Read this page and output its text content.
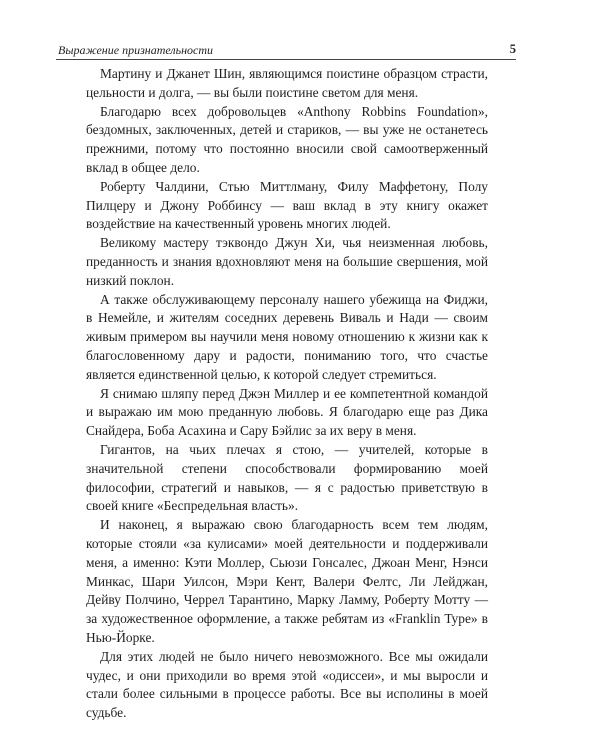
Выражение признательности	5

Мартину и Джанет Шин, являющимся поистине образцом страсти, цельности и долга, — вы были поистине светом для меня.

Благодарю всех добровольцев «Anthony Robbins Foundation», бездомных, заключенных, детей и стариков, — вы уже не останетесь прежними, потому что постоянно вносили свой самоотверженный вклад в общее дело.

Роберту Чалдини, Стью Миттлману, Филу Маффетону, Полу Пилцеру и Джону Роббинсу — ваш вклад в эту книгу окажет воздействие на качественный уровень многих людей.

Великому мастеру тэквондо Джун Хи, чья неизменная любовь, преданность и знания вдохновляют меня на большие свершения, мой низкий поклон.

А также обслуживающему персоналу нашего убежища на Фиджи, в Немейле, и жителям соседних деревень Виваль и Нади — своим живым примером вы научили меня новому отношению к жизни как к благословенному дару и радости, пониманию того, что счастье является единственной целью, к которой следует стремиться.

Я снимаю шляпу перед Джэн Миллер и ее компетентной командой и выражаю им мою преданную любовь. Я благодарю еще раз Дика Снайдера, Боба Асахина и Сару Бэйлис за их веру в меня.

Гигантов, на чьих плечах я стою, — учителей, которые в значительной степени способствовали формированию моей философии, стратегий и навыков, — я с радостью приветствую в своей книге «Беспредельная власть».

И наконец, я выражаю свою благодарность всем тем людям, которые стояли «за кулисами» моей деятельности и поддерживали меня, а именно: Кэти Моллер, Сьюзи Гонсалес, Джоан Менг, Нэнси Минкас, Шари Уилсон, Мэри Кент, Валери Фелтс, Ли Лейджан, Дейву Полчино, Черрел Тарантино, Марку Ламму, Роберту Мотту — за художественное оформление, а также ребятам из «Franklin Type» в Нью-Йорке.

Для этих людей не было ничего невозможного. Все мы ожидали чудес, и они приходили во время этой «одиссеи», и мы выросли и стали более сильными в процессе работы. Все вы исполины в моей судьбе.
